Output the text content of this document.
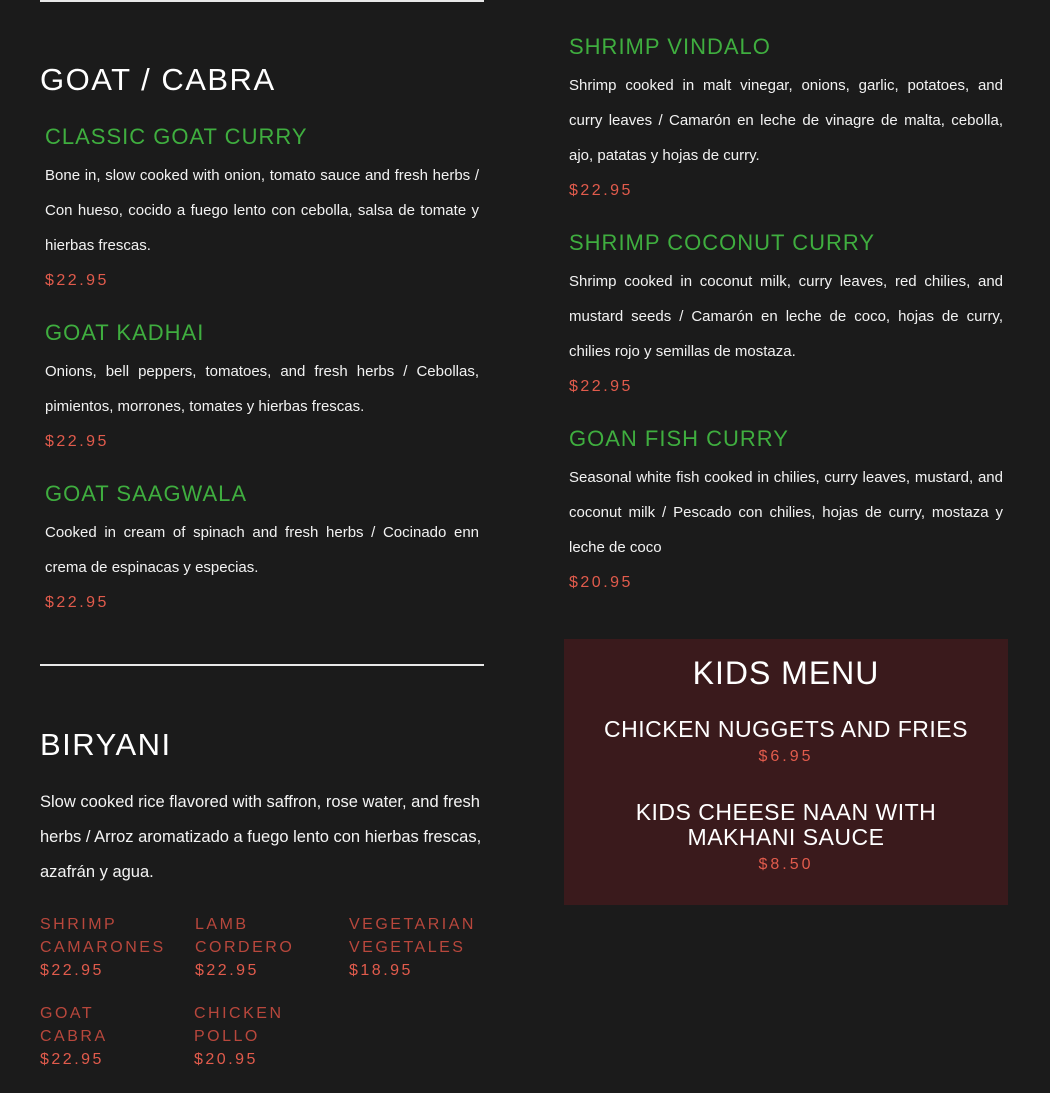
GOAT / CABRA
CLASSIC GOAT CURRY
Bone in, slow cooked with onion, tomato sauce and fresh herbs / Con hueso, cocido a fuego lento con cebolla, salsa de tomate y hierbas frescas.
$22.95
GOAT KADHAI
Onions, bell peppers, tomatoes, and fresh herbs / Cebollas, pimientos, morrones, tomates y hierbas frescas.
$22.95
GOAT SAAGWALA
Cooked in cream of spinach and fresh herbs / Cocinado enn crema de espinacas y especias.
$22.95
BIRYANI
Slow cooked rice flavored with saffron, rose water, and fresh herbs / Arroz aromatizado a fuego lento con hierbas frescas, azafrán y agua.
SHRIMP
CAMARONES
$22.95
LAMB
CORDERO
$22.95
VEGETARIAN
VEGETALES
$18.95
GOAT
CABRA
$22.95
CHICKEN
POLLO
$20.95
SHRIMP VINDALO
Shrimp cooked in malt vinegar, onions, garlic, potatoes, and curry leaves / Camarón en leche de vinagre de malta, cebolla, ajo, patatas y hojas de curry.
$22.95
SHRIMP COCONUT CURRY
Shrimp cooked in coconut milk, curry leaves, red chilies, and mustard seeds / Camarón en leche de coco, hojas de curry, chilies rojo y semillas de mostaza.
$22.95
GOAN FISH CURRY
Seasonal white fish cooked in chilies, curry leaves, mustard, and coconut milk / Pescado con chilies, hojas de curry, mostaza y leche de coco
$20.95
KIDS MENU
CHICKEN NUGGETS AND FRIES
$6.95
KIDS CHEESE NAAN WITH MAKHANI SAUCE
$8.50
